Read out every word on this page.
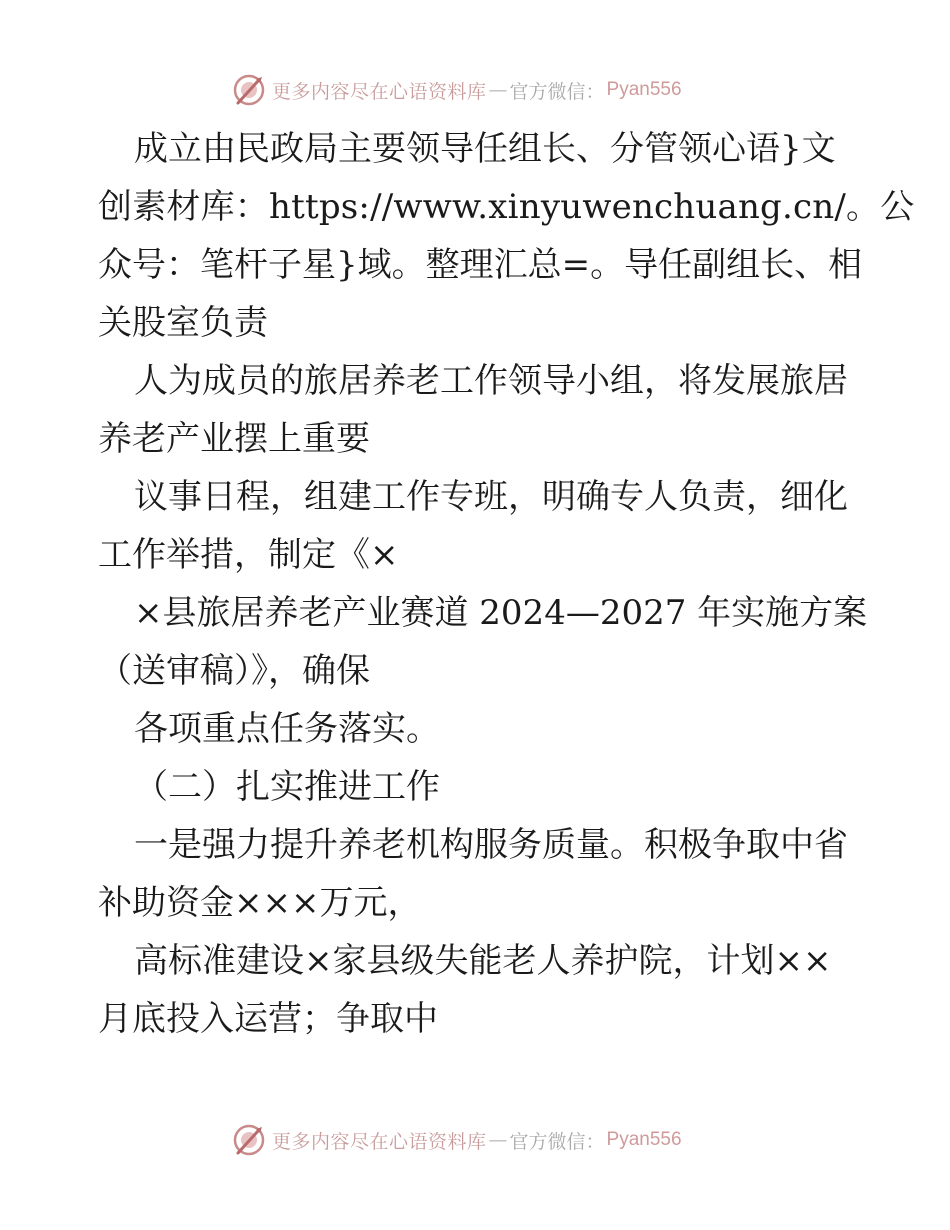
更多内容尽在心语资料库 — 官方微信： Pyan556
成立由民政局主要领导任组长、分管领心语}文
创素材库：https://www.xinyuwenchuang.cn/。公
众号：笔杆子星}域。整理汇总=。导任副组长、相
关股室负责
人为成员的旅居养老工作领导小组，将发展旅居
养老产业摆上重要
议事日程，组建工作专班，明确专人负责，细化
工作举措，制定《×
×县旅居养老产业赛道 2024—2027 年实施方案
（送审稿）》，确保
各项重点任务落实。
（二）扎实推进工作
一是强力提升养老机构服务质量。积极争取中省
补助资金×××万元，
高标准建设×家县级失能老人养护院，计划××
月底投入运营；争取中
更多内容尽在心语资料库 — 官方微信： Pyan556
